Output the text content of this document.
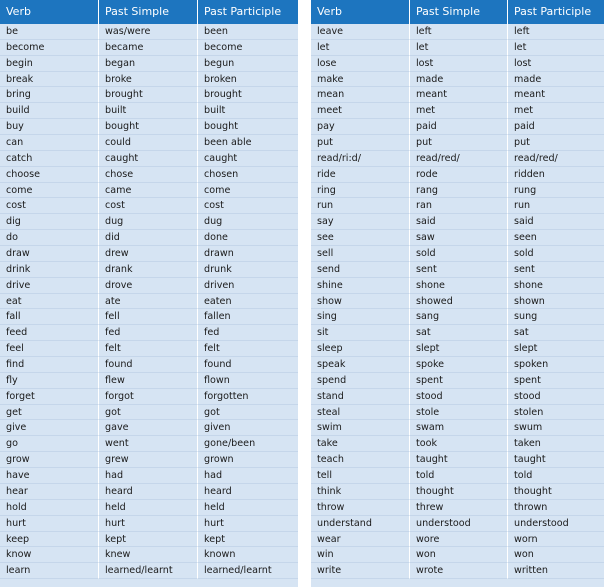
Verb	Past Simple	Past Participle
be	was/were	been
become	became	become
begin	began	begun
break	broke	broken
bring	brought	brought
build	built	built
buy	bought	bought
can	could	been able
catch	caught	caught
choose	chose	chosen
come	came	come
cost	cost	cost
dig	dug	dug
do	did	done
draw	drew	drawn
drink	drank	drunk
drive	drove	driven
eat	ate	eaten
fall	fell	fallen
feed	fed	fed
feel	felt	felt
find	found	found
fly	flew	flown
forget	forgot	forgotten
get	got	got
give	gave	given
go	went	gone/been
grow	grew	grown
have	had	had
hear	heard	heard
hold	held	held
hurt	hurt	hurt
keep	kept	kept
know	knew	known
learn	learned/learnt	learned/learnt
Verb	Past Simple	Past Participle
leave	left	left
let	let	let
lose	lost	lost
make	made	made
mean	meant	meant
meet	met	met
pay	paid	paid
put	put	put
read/ri:d/	read/red/	read/red/
ride	rode	ridden
ring	rang	rung
run	ran	run
say	said	said
see	saw	seen
sell	sold	sold
send	sent	sent
shine	shone	shone
show	showed	shown
sing	sang	sung
sit	sat	sat
sleep	slept	slept
speak	spoke	spoken
spend	spent	spent
stand	stood	stood
steal	stole	stolen
swim	swam	swum
take	took	taken
teach	taught	taught
tell	told	told
think	thought	thought
throw	threw	thrown
understand	understood	understood
wear	wore	worn
win	won	won
write	wrote	written
